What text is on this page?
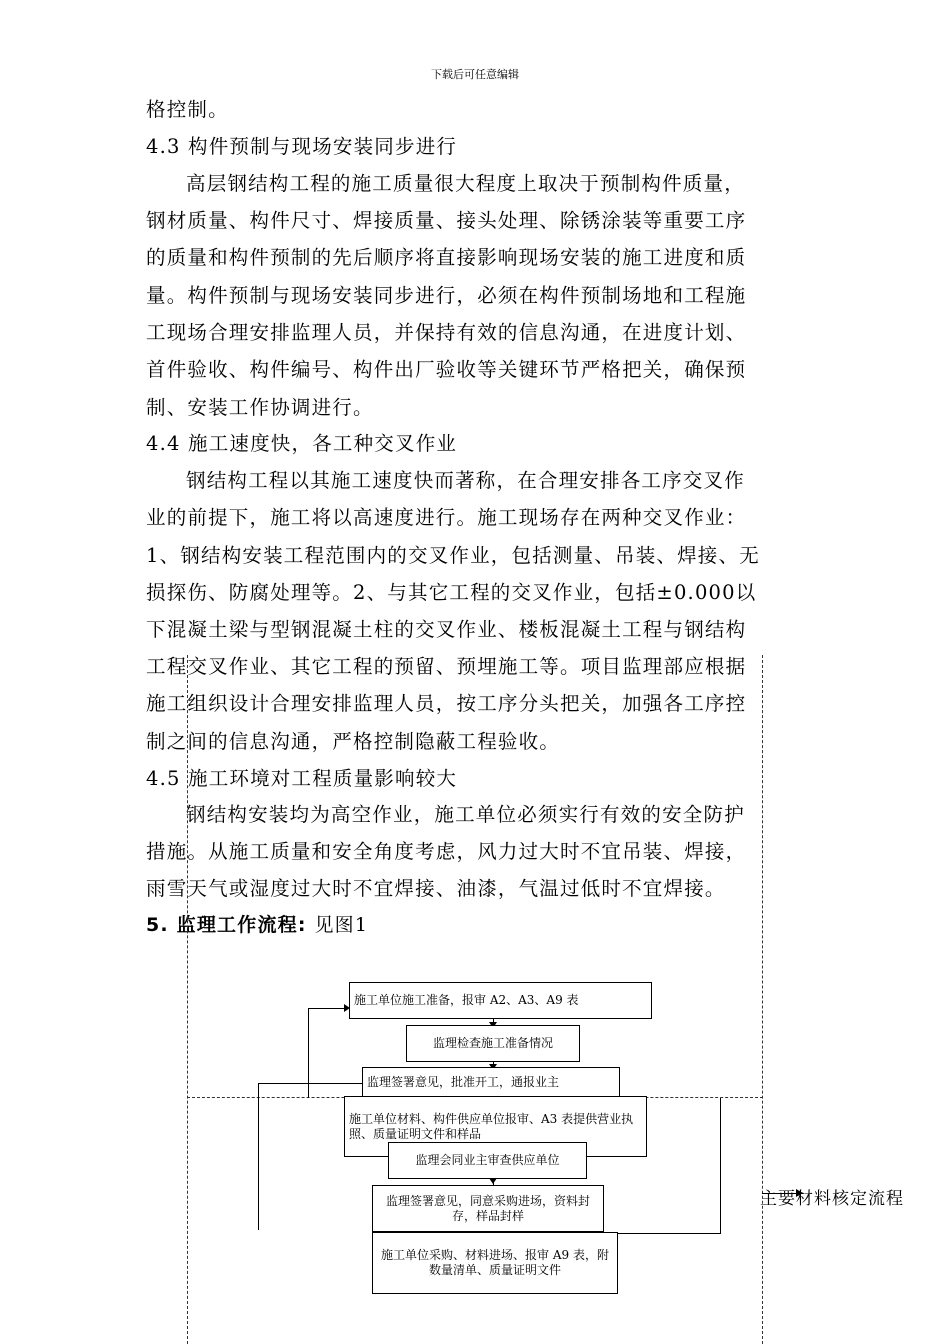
下载后可任意编辑
格控制。
4.3 构件预制与现场安装同步进行
高层钢结构工程的施工质量很大程度上取决于预制构件质量，
钢材质量、构件尺寸、焊接质量、接头处理、除锈涂装等重要工序
的质量和构件预制的先后顺序将直接影响现场安装的施工进度和质
量。构件预制与现场安装同步进行，必须在构件预制场地和工程施
工现场合理安排监理人员，并保持有效的信息沟通，在进度计划、
首件验收、构件编号、构件出厂验收等关键环节严格把关，确保预
制、安装工作协调进行。
4.4 施工速度快，各工种交叉作业
钢结构工程以其施工速度快而著称，在合理安排各工序交叉作
业的前提下，施工将以高速度进行。施工现场存在两种交叉作业：
1、钢结构安装工程范围内的交叉作业，包括测量、吊装、焊接、无
损探伤、防腐处理等。2、与其它工程的交叉作业，包括±0.000以
下混凝土梁与型钢混凝土柱的交叉作业、楼板混凝土工程与钢结构
工程交叉作业、其它工程的预留、预埋施工等。项目监理部应根据
施工组织设计合理安排监理人员，按工序分头把关，加强各工序控
制之间的信息沟通，严格控制隐蔽工程验收。
4.5 施工环境对工程质量影响较大
钢结构安装均为高空作业，施工单位必须实行有效的安全防护
措施。从施工质量和安全角度考虑，风力过大时不宜吊装、焊接，
雨雪天气或湿度过大时不宜焊接、油漆，气温过低时不宜焊接。
5. 监理工作流程: 见图1
施工单位施工准备，报审 A2、A3、A9 表
监理检查施工准备情况
监理签署意见，批准开工，通报业主
施工单位材料、构件供应单位报审、A3 表提供营业执照、质量证明文件和样品
监理会同业主审查供应单位
监理签署意见，同意采购进场，资料封存，样品封样
施工单位采购、材料进场、报审 A9 表，附数量清单、质量证明文件
主要材料核定流程
